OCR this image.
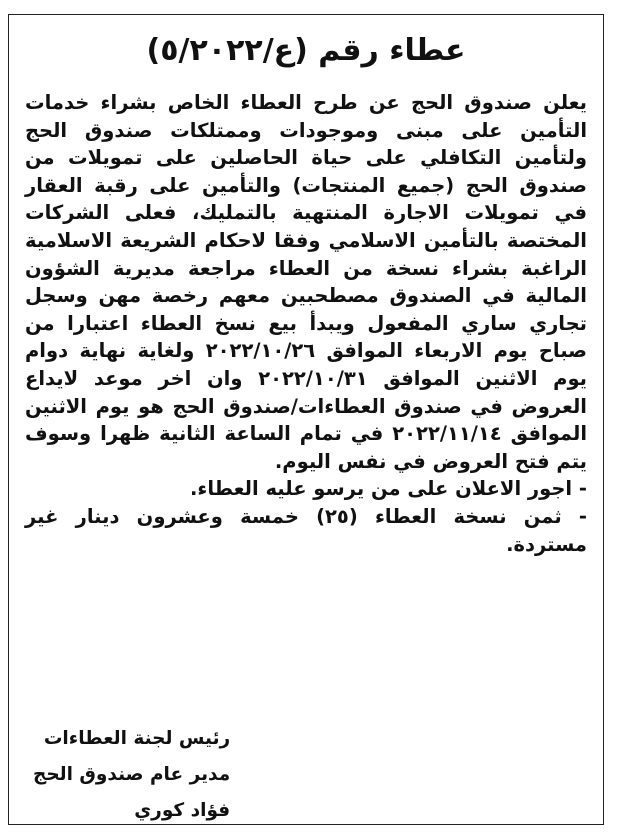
عطاء رقم (ع/٥/٢٠٢٢)

يعلن صندوق الحج عن طرح العطاء الخاص بشراء خدمات التأمين على مبنى وموجودات وممتلكات صندوق الحج ولتأمين التكافلي على حياة الحاصلين على تمويلات من صندوق الحج (جميع المنتجات) والتأمين على رقبة العقار في تمويلات الاجارة المنتهية بالتمليك، فعلى الشركات المختصة بالتأمين الاسلامي وفقا لاحكام الشريعة الاسلامية الراغبة بشراء نسخة من العطاء مراجعة مديرية الشؤون المالية في الصندوق مصطحبين معهم رخصة مهن وسجل تجاري ساري المفعول ويبدأ بيع نسخ العطاء اعتبارا من صباح يوم الاربعاء الموافق ٢٠٢٢/١٠/٢٦ ولغاية نهاية دوام يوم الاثنين الموافق ٢٠٢٢/١٠/٣١ وان اخر موعد لايداع العروض في صندوق العطاءات/صندوق الحج هو يوم الاثنين الموافق ٢٠٢٢/١١/١٤ في تمام الساعة الثانية ظهرا وسوف يتم فتح العروض في نفس اليوم.

- اجور الاعلان على من يرسو عليه العطاء.

- ثمن نسخة العطاء (٢٥) خمسة وعشرون دينار غير مستردة.

رئيس لجنة العطاءات
مدير عام صندوق الحج
فؤاد كوري
